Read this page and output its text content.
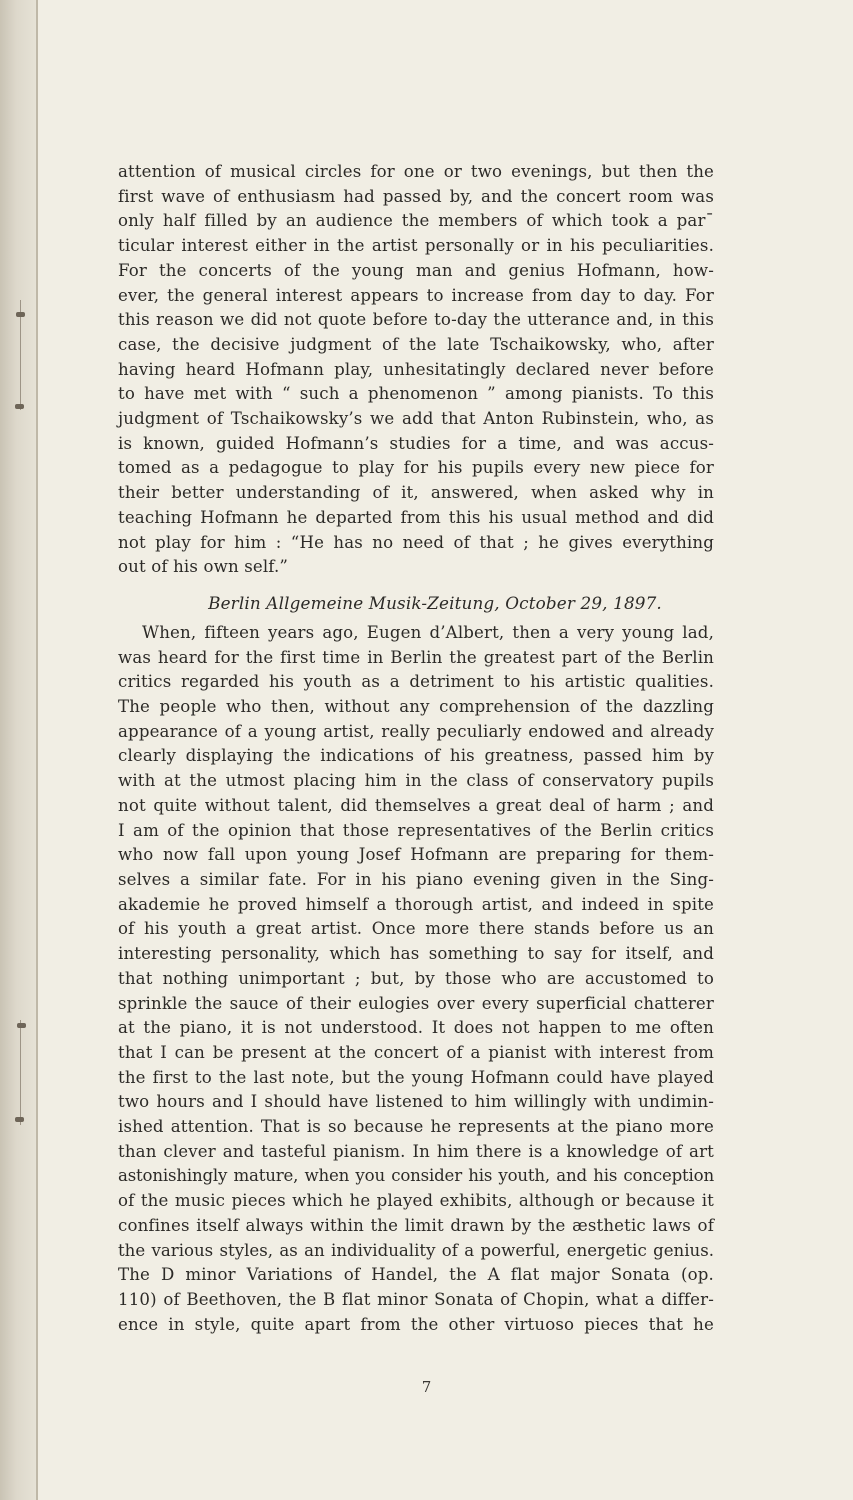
attention of musical circles for one or two evenings, but then the
first wave of enthusiasm had passed by, and the concert room was
only half filled by an audience the members of which took a par¯
ticular interest either in the artist personally or in his peculiarities.
For the concerts of the young man and genius Hofmann, how-
ever, the general interest appears to increase from day to day. For
this reason we did not quote before to-day the utterance and, in this
case, the decisive judgment of the late Tschaikowsky, who, after
having heard Hofmann play, unhesitatingly declared never before
to have met with “ such a phenomenon ” among pianists. To this
judgment of Tschaikowsky’s we add that Anton Rubinstein, who, as
is known, guided Hofmann’s studies for a time, and was accus-
tomed as a pedagogue to play for his pupils every new piece for
their better understanding of it, answered, when asked why in
teaching Hofmann he departed from this his usual method and did
not play for him : “He has no need of that ; he gives everything
out of his own self.”
Berlin Allgemeine Musik-Zeitung, October 29, 1897.
When, fifteen years ago, Eugen d’Albert, then a very young lad,
was heard for the first time in Berlin the greatest part of the Berlin
critics regarded his youth as a detriment to his artistic qualities.
The people who then, without any comprehension of the dazzling
appearance of a young artist, really peculiarly endowed and already
clearly displaying the indications of his greatness, passed him by
with at the utmost placing him in the class of conservatory pupils
not quite without talent, did themselves a great deal of harm ; and
I am of the opinion that those representatives of the Berlin critics
who now fall upon young Josef Hofmann are preparing for them-
selves a similar fate. For in his piano evening given in the Sing-
akademie he proved himself a thorough artist, and indeed in spite
of his youth a great artist. Once more there stands before us an
interesting personality, which has something to say for itself, and
that nothing unimportant ; but, by those who are accustomed to
sprinkle the sauce of their eulogies over every superficial chatterer
at the piano, it is not understood. It does not happen to me often
that I can be present at the concert of a pianist with interest from
the first to the last note, but the young Hofmann could have played
two hours and I should have listened to him willingly with undimin-
ished attention. That is so because he represents at the piano more
than clever and tasteful pianism. In him there is a knowledge of art
astonishingly mature, when you consider his youth, and his conception
of the music pieces which he played exhibits, although or because it
confines itself always within the limit drawn by the æsthetic laws of
the various styles, as an individuality of a powerful, energetic genius.
The D minor Variations of Handel, the A flat major Sonata (op.
110) of Beethoven, the B flat minor Sonata of Chopin, what a differ-
ence in style, quite apart from the other virtuoso pieces that he
7
